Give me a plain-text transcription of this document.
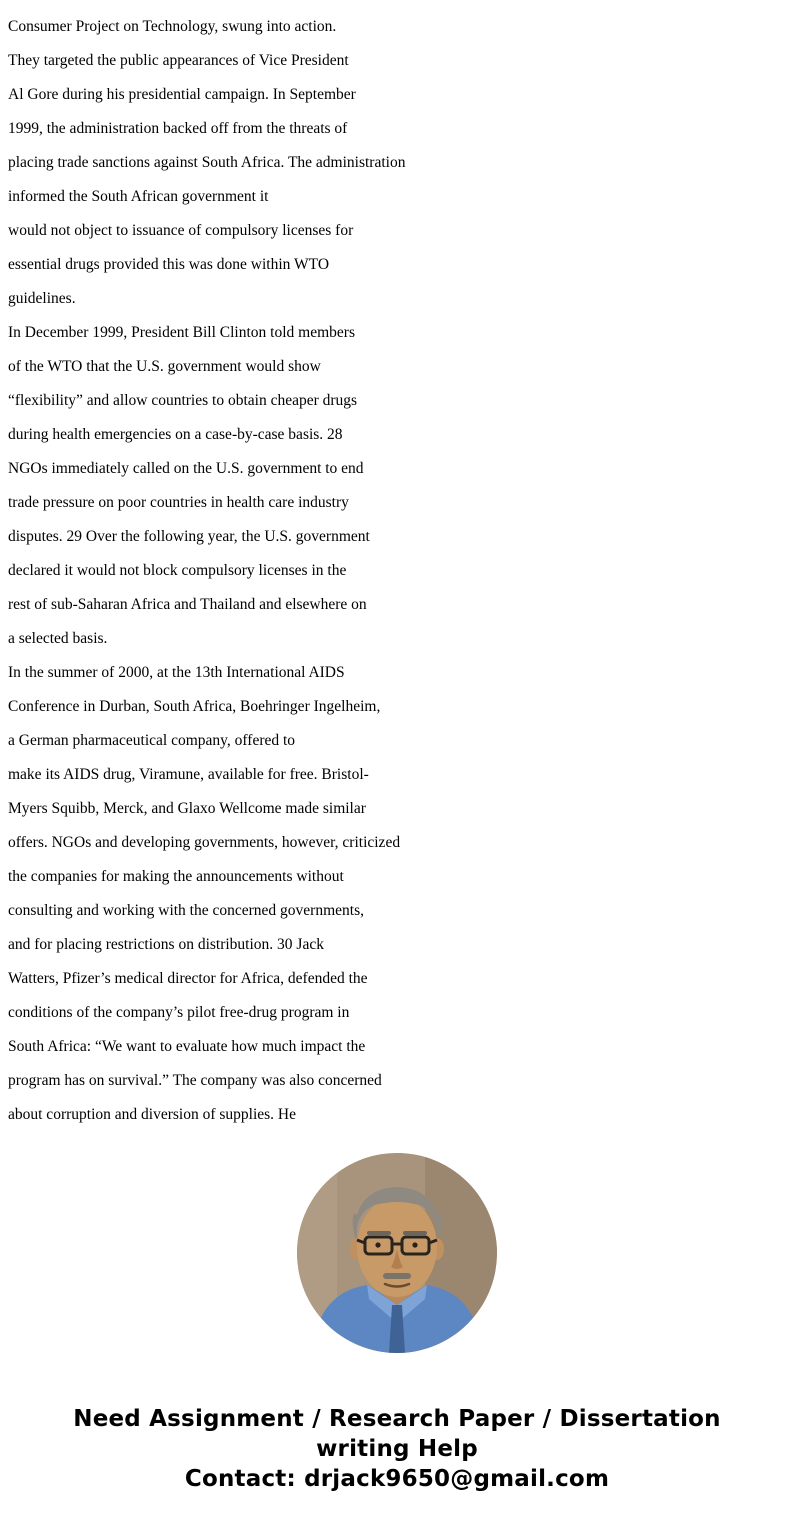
Consumer Project on Technology, swung into action.

They targeted the public appearances of Vice President

Al Gore during his presidential campaign. In September

1999, the administration backed off from the threats of

placing trade sanctions against South Africa. The administration

informed the South African government it

would not object to issuance of compulsory licenses for

essential drugs provided this was done within WTO

guidelines.

In December 1999, President Bill Clinton told members

of the WTO that the U.S. government would show

“flexibility” and allow countries to obtain cheaper drugs

during health emergencies on a case-by-case basis. 28

NGOs immediately called on the U.S. government to end

trade pressure on poor countries in health care industry

disputes. 29 Over the following year, the U.S. government

declared it would not block compulsory licenses in the

rest of sub-Saharan Africa and Thailand and elsewhere on

a selected basis.

In the summer of 2000, at the 13th International AIDS

Conference in Durban, South Africa, Boehringer Ingelheim,

a German pharmaceutical company, offered to

make its AIDS drug, Viramune, available for free. Bristol-

Myers Squibb, Merck, and Glaxo Wellcome made similar

offers. NGOs and developing governments, however, criticized

the companies for making the announcements without

consulting and working with the concerned governments,

and for placing restrictions on distribution. 30 Jack

Watters, Pfizer’s medical director for Africa, defended the

conditions of the company’s pilot free-drug program in

South Africa: “We want to evaluate how much impact the

program has on survival.” The company was also concerned

about corruption and diversion of supplies. He

Need Assignment / Research Paper / Dissertation
writing Help
Contact: drjack9650@gmail.com
